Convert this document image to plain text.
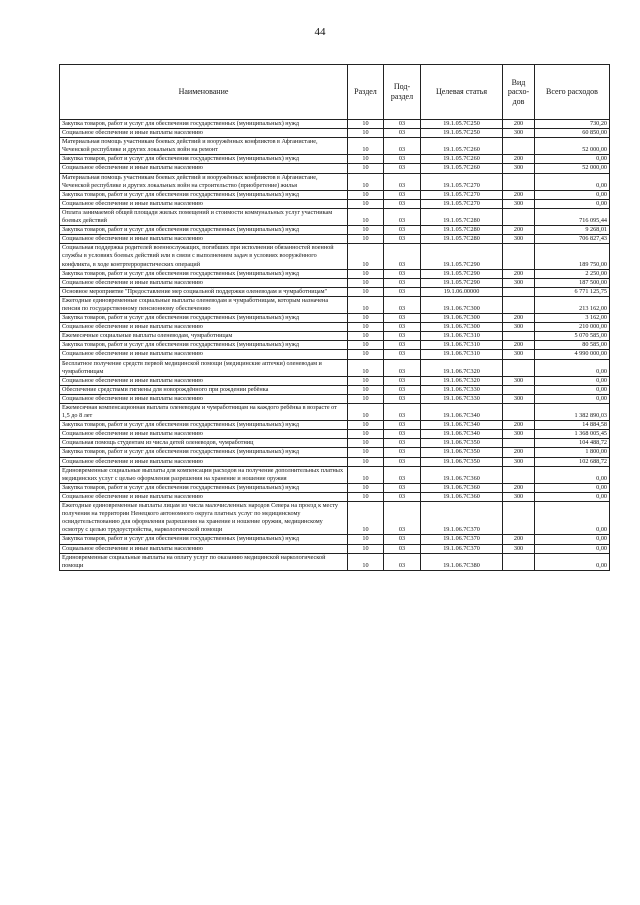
44
Наименование	Раздел	Под-раздел	Целевая статья	Вид расхо-дов	Всего расходов
Закупка товаров, работ и услуг для обеспечения государственных (муниципальных) нужд	10	03	19.1.05.7С250	200	730,20
Социальное обеспечение и иные выплаты населению	10	03	19.1.05.7С250	300	60 850,00
Материальная помощь участникам боевых действий и вооружённых конфликтов в Афганистане, Чеченской республике и других локальных войн на ремонт	10	03	19.1.05.7С260		52 000,00
Закупка товаров, работ и услуг для обеспечения государственных (муниципальных) нужд	10	03	19.1.05.7С260	200	0,00
Социальное обеспечение и иные выплаты населению	10	03	19.1.05.7С260	300	52 000,00
Материальная помощь участникам боевых действий и вооружённых конфликтов в Афганистане, Чеченской республике и других локальных войн на строительство (приобретение) жилья	10	03	19.1.05.7С270		0,00
Закупка товаров, работ и услуг для обеспечения государственных (муниципальных) нужд	10	03	19.1.05.7С270	200	0,00
Социальное обеспечение и иные выплаты населению	10	03	19.1.05.7С270	300	0,00
Оплата занимаемой общей площади жилых помещений и стоимости коммунальных услуг участникам боевых действий	10	03	19.1.05.7С280		716 095,44
Закупка товаров, работ и услуг для обеспечения государственных (муниципальных) нужд	10	03	19.1.05.7С280	200	9 268,01
Социальное обеспечение и иные выплаты населению	10	03	19.1.05.7С280	300	706 827,43
Социальная поддержка родителей военнослужащих, погибших при исполнении обязанностей военной службы в условиях боевых действий или в связи с выполнением задач в условиях вооружённого конфликта, в ходе контртеррористических операций	10	03	19.1.05.7С290		189 750,00
Закупка товаров, работ и услуг для обеспечения государственных (муниципальных) нужд	10	03	19.1.05.7С290	200	2 250,00
Социальное обеспечение и иные выплаты населению	10	03	19.1.05.7С290	300	187 500,00
Основное мероприятие "Предоставление мер социальной поддержки оленеводам и чумработницам"	10	03	19.1.06.00000		6 771 125,75
Ежегодные единовременные социальные выплаты оленеводам и чумработницам, которым назначена пенсия по государственному пенсионному обеспечению	10	03	19.1.06.7С300		213 162,00
Закупка товаров, работ и услуг для обеспечения государственных (муниципальных) нужд	10	03	19.1.06.7С300	200	3 162,00
Социальное обеспечение и иные выплаты населению	10	03	19.1.06.7С300	300	210 000,00
Ежемесячные социальные выплаты оленеводам, чумработницам	10	03	19.1.06.7С310		5 070 585,00
Закупка товаров, работ и услуг для обеспечения государственных (муниципальных) нужд	10	03	19.1.06.7С310	200	80 585,00
Социальное обеспечение и иные выплаты населению	10	03	19.1.06.7С310	300	4 990 000,00
Бесплатное получение средств первой медицинской помощи (медицинские аптечки) оленеводам и чумработницам	10	03	19.1.06.7С320		0,00
Социальное обеспечение и иные выплаты населению	10	03	19.1.06.7С320	300	0,00
Обеспечение средствами гигиены для новорождённого при рождении ребёнка	10	03	19.1.06.7С330		0,00
Социальное обеспечение и иные выплаты населению	10	03	19.1.06.7С330	300	0,00
Ежемесячная компенсационная выплата оленеводам и чумработницам на каждого ребёнка в возрасте от 1,5 до 8 лет	10	03	19.1.06.7С340		1 382 890,03
Закупка товаров, работ и услуг для обеспечения государственных (муниципальных) нужд	10	03	19.1.06.7С340	200	14 884,58
Социальное обеспечение и иные выплаты населению	10	03	19.1.06.7С340	300	1 368 005,45
Социальная помощь студентам из числа детей оленеводов, чумработниц	10	03	19.1.06.7С350		104 488,72
Закупка товаров, работ и услуг для обеспечения государственных (муниципальных) нужд	10	03	19.1.06.7С350	200	1 800,00
Социальное обеспечение и иные выплаты населению	10	03	19.1.06.7С350	300	102 688,72
Единовременные социальные выплаты для компенсации расходов на получение дополнительных платных медицинских услуг с целью оформления разрешения на хранение и ношение оружия	10	03	19.1.06.7С360		0,00
Закупка товаров, работ и услуг для обеспечения государственных (муниципальных) нужд	10	03	19.1.06.7С360	200	0,00
Социальное обеспечение и иные выплаты населению	10	03	19.1.06.7С360	300	0,00
Ежегодные единовременные выплаты лицам из числа малочисленных народов Севера на проезд к месту получения на территории Ненецкого автономного округа платных услуг по медицинскому освидетельствованию для оформления разрешения на хранение и ношение оружия, медицинскому осмотру с целью трудоустройства, наркологической помощи	10	03	19.1.06.7С370		0,00
Закупка товаров, работ и услуг для обеспечения государственных (муниципальных) нужд	10	03	19.1.06.7С370	200	0,00
Социальное обеспечение и иные выплаты населению	10	03	19.1.06.7С370	300	0,00
Единовременные социальные выплаты на оплату услуг по оказанию медицинской наркологической помощи	10	03	19.1.06.7С380		0,00
